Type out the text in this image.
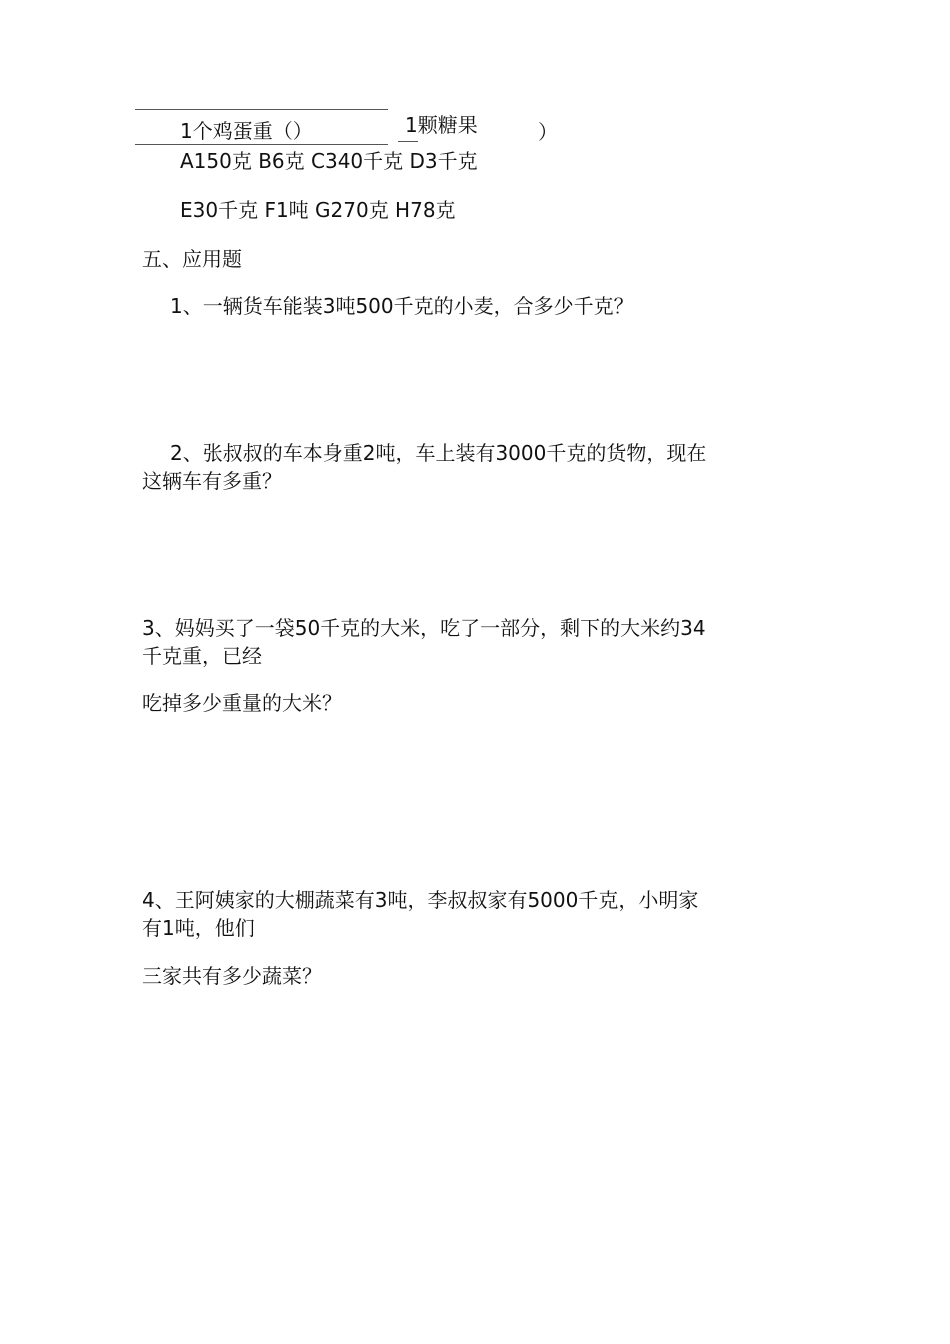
1个鸡蛋重（）	1颗糖果	）
A150克 B6克 C340千克 D3千克
E30千克 F1吨 G270克 H78克
五、应用题
1、一辆货车能装3吨500千克的小麦，合多少千克？
2、张叔叔的车本身重2吨，车上装有3000千克的货物，现在
这辆车有多重？
3、妈妈买了一袋50千克的大米，吃了一部分，剩下的大米约34
千克重，已经
吃掉多少重量的大米？
4、王阿姨家的大棚蔬菜有3吨，李叔叔家有5000千克，小明家
有1吨，他们
三家共有多少蔬菜？
